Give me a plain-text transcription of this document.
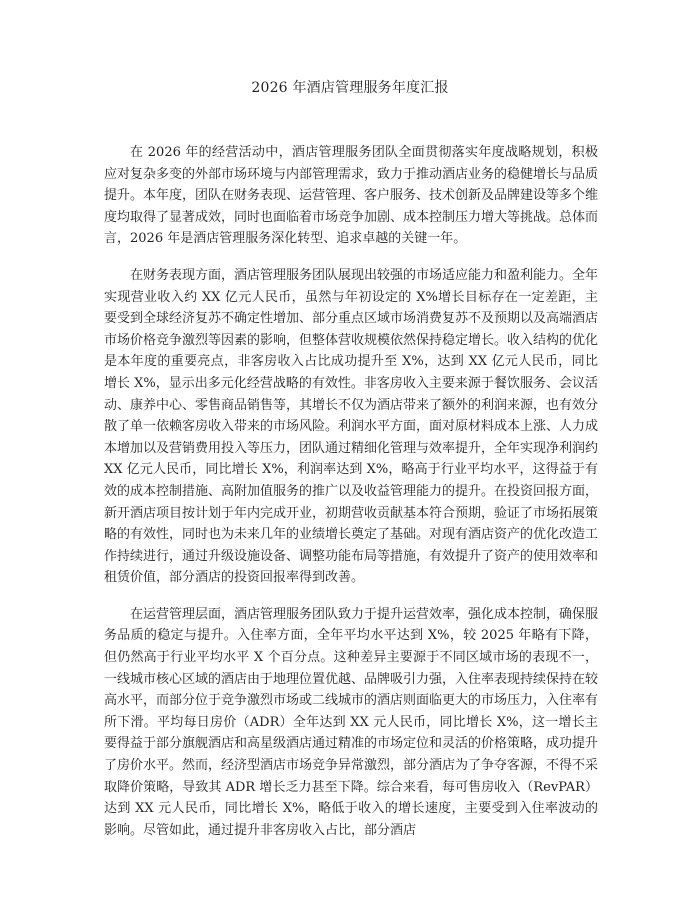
2026 年酒店管理服务年度汇报

在 2026 年的经营活动中，酒店管理服务团队全面贯彻落实年度战略规划，积极应对复杂多变的外部市场环境与内部管理需求，致力于推动酒店业务的稳健增长与品质提升。本年度，团队在财务表现、运营管理、客户服务、技术创新及品牌建设等多个维度均取得了显著成效，同时也面临着市场竞争加剧、成本控制压力增大等挑战。总体而言，2026 年是酒店管理服务深化转型、追求卓越的关键一年。

在财务表现方面，酒店管理服务团队展现出较强的市场适应能力和盈利能力。全年实现营业收入约 XX 亿元人民币，虽然与年初设定的 X%增长目标存在一定差距，主要受到全球经济复苏不确定性增加、部分重点区域市场消费复苏不及预期以及高端酒店市场价格竞争激烈等因素的影响，但整体营收规模依然保持稳定增长。收入结构的优化是本年度的重要亮点，非客房收入占比成功提升至 X%，达到 XX 亿元人民币，同比增长 X%，显示出多元化经营战略的有效性。非客房收入主要来源于餐饮服务、会议活动、康养中心、零售商品销售等，其增长不仅为酒店带来了额外的利润来源，也有效分散了单一依赖客房收入带来的市场风险。利润水平方面，面对原材料成本上涨、人力成本增加以及营销费用投入等压力，团队通过精细化管理与效率提升，全年实现净利润约 XX 亿元人民币，同比增长 X%，利润率达到 X%，略高于行业平均水平，这得益于有效的成本控制措施、高附加值服务的推广以及收益管理能力的提升。在投资回报方面，新开酒店项目按计划于年内完成开业，初期营收贡献基本符合预期，验证了市场拓展策略的有效性，同时也为未来几年的业绩增长奠定了基础。对现有酒店资产的优化改造工作持续进行，通过升级设施设备、调整功能布局等措施，有效提升了资产的使用效率和租赁价值，部分酒店的投资回报率得到改善。

在运营管理层面，酒店管理服务团队致力于提升运营效率，强化成本控制，确保服务品质的稳定与提升。入住率方面，全年平均水平达到 X%，较 2025 年略有下降，但仍然高于行业平均水平 X 个百分点。这种差异主要源于不同区域市场的表现不一，一线城市核心区域的酒店由于地理位置优越、品牌吸引力强，入住率表现持续保持在较高水平，而部分位于竞争激烈市场或二线城市的酒店则面临更大的市场压力，入住率有所下滑。平均每日房价（ADR）全年达到 XX 元人民币，同比增长 X%，这一增长主要得益于部分旗舰酒店和高星级酒店通过精准的市场定位和灵活的价格策略，成功提升了房价水平。然而，经济型酒店市场竞争异常激烈，部分酒店为了争夺客源，不得不采取降价策略，导致其 ADR 增长乏力甚至下降。综合来看，每可售房收入（RevPAR）达到 XX 元人民币，同比增长 X%，略低于收入的增长速度，主要受到入住率波动的影响。尽管如此，通过提升非客房收入占比，部分酒店
